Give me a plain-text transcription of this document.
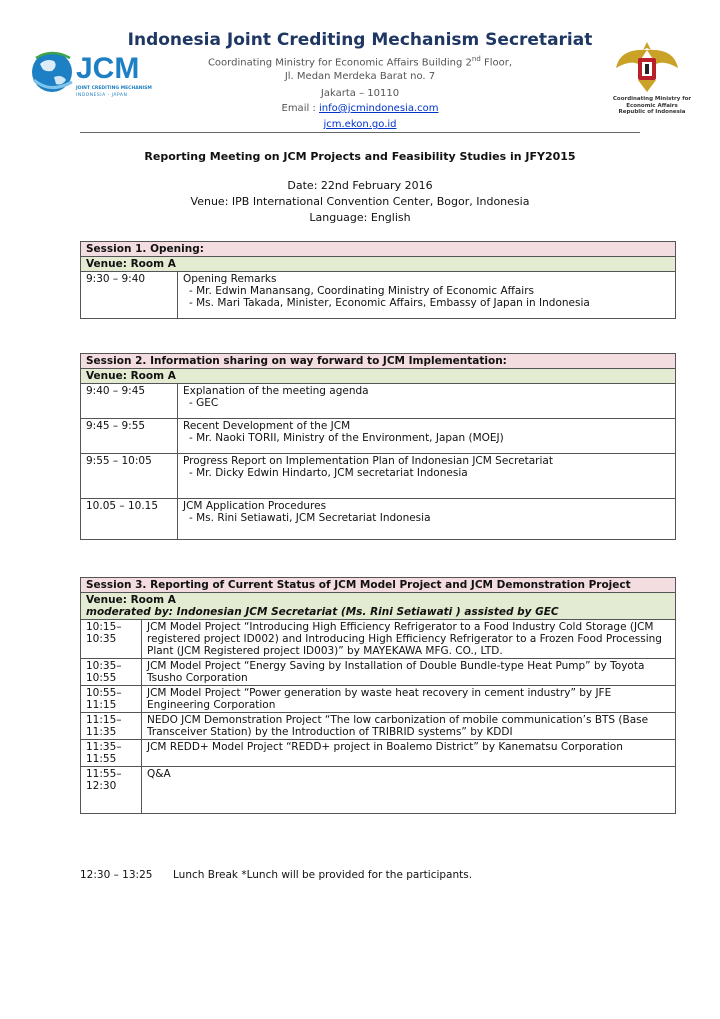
Indonesia Joint Crediting Mechanism Secretariat
Coordinating Ministry for Economic Affairs Building 2nd Floor,
Jl. Medan Merdeka Barat no. 7
Jakarta – 10110
Email : info@jcmindonesia.com
jcm.ekon.go.id
JCM
JOINT CREDITING MECHANISM
INDONESIA - JAPAN
Coordinating Ministry for Economic Affairs Republic of Indonesia
Reporting Meeting on JCM Projects and Feasibility Studies in JFY2015
Date: 22nd February 2016
Venue: IPB International Convention Center, Bogor, Indonesia
Language: English
Session 1. Opening:
Venue: Room A
9:30 – 9:40	Opening Remarks
- Mr. Edwin Manansang, Coordinating Ministry of Economic Affairs
- Ms. Mari Takada, Minister, Economic Affairs, Embassy of Japan in Indonesia
Session 2. Information sharing on way forward to JCM Implementation:	
Venue: Room A	
9:40 – 9:45	Explanation of the meeting agenda
- GEC

9:45 – 9:55	Recent Development of the JCM
- Mr. Naoki TORII, Ministry of the Environment, Japan (MOEJ)

9:55 – 10:05	Progress Report on Implementation Plan of Indonesian JCM Secretariat
- Mr. Dicky Edwin Hindarto, JCM secretariat Indonesia

10.05 – 10.15	JCM Application Procedures
- Ms. Rini Setiawati, JCM Secretariat Indonesia
Session 3. Reporting of Current Status of JCM Model Project and JCM Demonstration Project	

Venue: Room A
moderated by: Indonesian JCM Secretariat (Ms. Rini Setiawati ) assisted by GEC	

10:15–
10:35	JCM Model Project “Introducing High Efficiency Refrigerator to a Food Industry Cold Storage (JCM registered project ID002) and Introducing High Efficiency Refrigerator to a Frozen Food Processing Plant (JCM Registered project ID003)” by MAYEKAWA MFG. CO., LTD.

10:35–
10:55	JCM Model Project “Energy Saving by Installation of Double Bundle-type Heat Pump” by Toyota Tsusho Corporation

10:55–
11:15	JCM Model Project “Power generation by waste heat recovery in cement industry” by JFE Engineering Corporation

11:15–
11:35	NEDO JCM Demonstration Project “The low carbonization of mobile communication’s BTS (Base Transceiver Station) by the Introduction of TRIBRID systems” by KDDI

11:35–
11:55	JCM REDD+ Model Project “REDD+ project in Boalemo District” by Kanematsu Corporation

11:55–
12:30	Q&A
12:30 – 13:25 Lunch Break *Lunch will be provided for the participants.
